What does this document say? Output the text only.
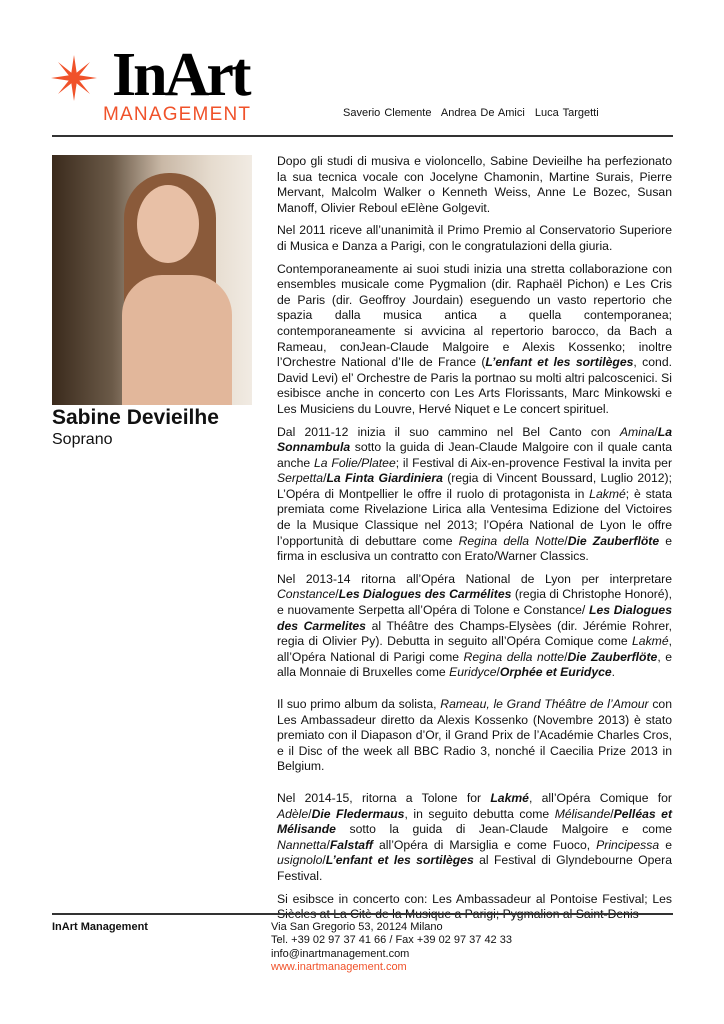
InArt
MANAGEMENT	Saverio Clemente Andrea De Amici Luca Targetti
Sabine Devieilhe
Soprano

Dopo gli studi di musiva e violoncello, Sabine Devieilhe ha perfezionato la sua tecnica vocale con Jocelyne Chamonin, Martine Surais, Pierre Mervant, Malcolm Walker o Kenneth Weiss, Anne Le Bozec, Susan Manoff, Olivier Reboul eElène Golgevit.

Nel 2011 riceve all’unanimità il Primo Premio al Conservatorio Superiore di Musica e Danza a Parigi, con le congratulazioni della giuria.

Contemporaneamente ai suoi studi inizia una stretta collaborazione con ensembles musicale come Pygmalion (dir. Raphaël Pichon) e Les Cris de Paris (dir. Geoffroy Jourdain) eseguendo un vasto repertorio che spazia dalla musica antica a quella contemporanea; contemporaneamente si avvicina al repertorio barocco, da Bach a Rameau, conJean-Claude Malgoire e Alexis Kossenko; inoltre l’Orchestre National d’Ile de France (L’enfant et les sortilèges, cond. David Levi) el’ Orchestre de Paris la portnao su molti altri palcoscenici. Si esibisce anche in concerto con Les Arts Florissants, Marc Minkowski e Les Musiciens du Louvre, Hervé Niquet e Le concert spirituel.

Dal 2011-12 inizia il suo cammino nel Bel Canto con Amina/La Sonnambula sotto la guida di Jean-Claude Malgoire con il quale canta anche La Folie/Platee; il Festival di Aix-en-provence Festival la invita per Serpetta/La Finta Giardiniera (regia di Vincent Boussard, Luglio 2012); L’Opéra di Montpellier le offre il ruolo di protagonista in Lakmé; è stata premiata come Rivelazione Lirica alla Ventesima Edizione del Victoires de la Musique Classique nel 2013; l’Opéra National de Lyon le offre l’opportunità di debuttare come Regina della Notte/Die Zauberflöte e firma in esclusiva un contratto con Erato/Warner Classics.

Nel 2013-14 ritorna all’Opéra National de Lyon per interpretare Constance/Les Dialogues des Carmélites (regia di Christophe Honoré), e nuovamente Serpetta all’Opéra di Tolone e Constance/ Les Dialogues des Carmelites al Théâtre des Champs-Elysèes (dir. Jérémie Rohrer, regia di Olivier Py). Debutta in seguito all’Opéra Comique come Lakmé, all’Opéra National di Parigi come Regina della notte/Die Zauberflöte, e alla Monnaie di Bruxelles come Euridyce/Orphée et Euridyce.

Il suo primo album da solista, Rameau, le Grand Théâtre de l’Amour con Les Ambassadeur diretto da Alexis Kossenko (Novembre 2013) è stato premiato con il Diapason d’Or, il Grand Prix de l’Académie Charles Cros, e il Disc of the week all BBC Radio 3, nonché il Caecilia Prize 2013 in Belgium.

Nel 2014-15, ritorna a Tolone for Lakmé, all’Opéra Comique for Adèle/Die Fledermaus, in seguito debutta come Mélisande/Pelléas et Mélisande sotto la guida di Jean-Claude Malgoire e come Nannetta/Falstaff all’Opéra di Marsiglia e come Fuoco, Principessa e usignolo/L’enfant et les sortilèges al Festival di Glyndebourne Opera Festival.

Si esibsce in concerto con: Les Ambassadeur al Pontoise Festival; Les

InArt Management	Via San Gregorio 53, 20124 Milano
Tel. +39 02 97 37 41 66 / Fax +39 02 97 37 42 33
info@inartmanagement.com
www.inartmanagement.com
